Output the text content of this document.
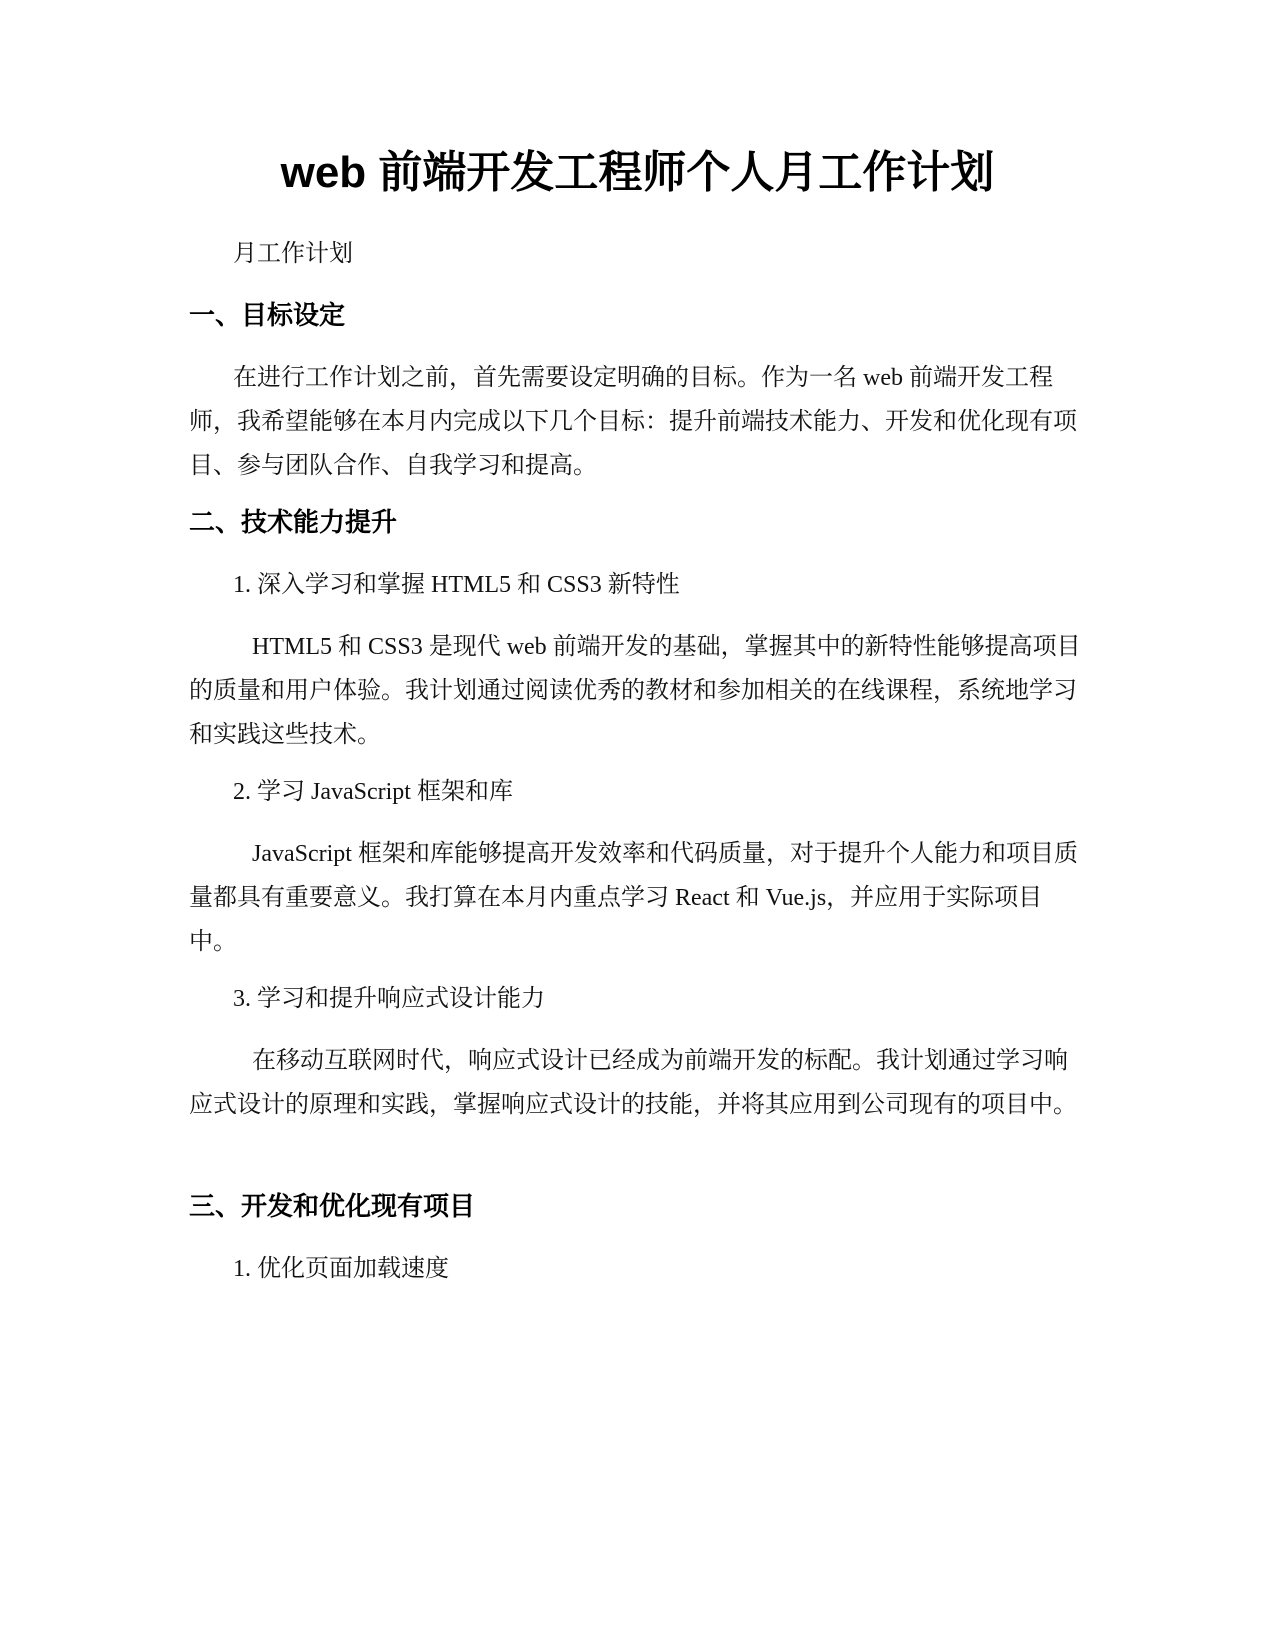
web 前端开发工程师个人月工作计划

月工作计划

一、目标设定

在进行工作计划之前，首先需要设定明确的目标。作为一名 web 前端开发工程师，我希望能够在本月内完成以下几个目标：提升前端技术能力、开发和优化现有项目、参与团队合作、自我学习和提高。

二、技术能力提升

1. 深入学习和掌握 HTML5 和 CSS3 新特性

HTML5 和 CSS3 是现代 web 前端开发的基础，掌握其中的新特性能够提高项目的质量和用户体验。我计划通过阅读优秀的教材和参加相关的在线课程，系统地学习和实践这些技术。

2. 学习 JavaScript 框架和库

JavaScript 框架和库能够提高开发效率和代码质量，对于提升个人能力和项目质量都具有重要意义。我打算在本月内重点学习 React 和 Vue.js，并应用于实际项目中。

3. 学习和提升响应式设计能力

在移动互联网时代，响应式设计已经成为前端开发的标配。我计划通过学习响应式设计的原理和实践，掌握响应式设计的技能，并将其应用到公司现有的项目中。

三、开发和优化现有项目

1. 优化页面加载速度
